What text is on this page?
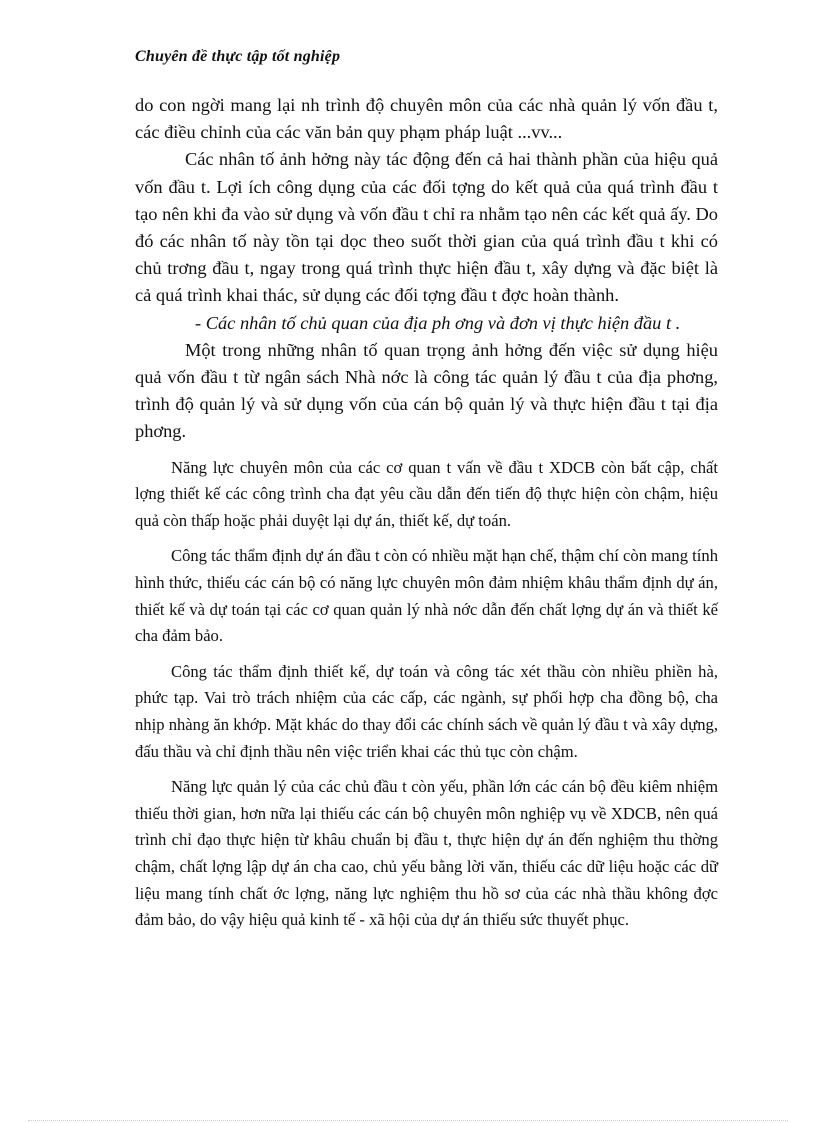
Chuyên đề thực tập tốt nghiệp

do con ngời mang lại nh trình độ chuyên môn của các nhà quản lý vốn đầu t, các điều chỉnh của các văn bản quy phạm pháp luật ...vv...

Các nhân tố ảnh hởng này tác động đến cả hai thành phần của hiệu quả vốn đầu t. Lợi ích công dụng của các đối tợng do kết quả của quá trình đầu t tạo nên khi đa vào sử dụng và vốn đầu t chỉ ra nhằm tạo nên các kết quả ấy. Do đó các nhân tố này tồn tại dọc theo suốt thời gian của quá trình đầu t khi có chủ trơng đầu t, ngay trong quá trình thực hiện đầu t, xây dựng và đặc biệt là cả quá trình khai thác, sử dụng các đối tợng đầu t đợc hoàn thành.

- Các nhân tố chủ quan của địa ph ơng và đơn vị thực hiện đầu t .

Một trong những nhân tố quan trọng ảnh hởng đến việc sử dụng hiệu quả vốn đầu t từ ngân sách Nhà nớc là công tác quản lý đầu t của địa phơng, trình độ quản lý và sử dụng vốn của cán bộ quản lý và thực hiện đầu t tại địa phơng.

Năng lực chuyên môn của các cơ quan t vấn về đầu t XDCB còn bất cập, chất lợng thiết kế các công trình cha đạt yêu cầu dẫn đến tiến độ thực hiện còn chậm, hiệu quả còn thấp hoặc phải duyệt lại dự án, thiết kế, dự toán.

Công tác thẩm định dự án đầu t còn có nhiều mặt hạn chế, thậm chí còn mang tính hình thức, thiếu các cán bộ có năng lực chuyên môn đảm nhiệm khâu thẩm định dự án, thiết kế và dự toán tại các cơ quan quản lý nhà nớc dẫn đến chất lợng dự án và thiết kế cha đảm bảo.

Công tác thẩm định thiết kế, dự toán và công tác xét thầu còn nhiều phiền hà, phức tạp. Vai trò trách nhiệm của các cấp, các ngành, sự phối hợp cha đồng bộ, cha nhịp nhàng ăn khớp. Mặt khác do thay đổi các chính sách về quản lý đầu t và xây dựng, đấu thầu và chỉ định thầu nên việc triển khai các thủ tục còn chậm.

Năng lực quản lý của các chủ đầu t còn yếu, phần lớn các cán bộ đều kiêm nhiệm thiếu thời gian, hơn nữa lại thiếu các cán bộ chuyên môn nghiệp vụ về XDCB, nên quá trình chỉ đạo thực hiện từ khâu chuẩn bị đầu t, thực hiện dự án đến nghiệm thu thờng chậm, chất lợng lập dự án cha cao, chủ yếu bằng lời văn, thiếu các dữ liệu hoặc các dữ liệu mang tính chất ớc lợng, năng lực nghiệm thu hồ sơ của các nhà thầu không đợc đảm bảo, do vậy hiệu quả kinh tế - xã hội của dự án thiếu sức thuyết phục.
